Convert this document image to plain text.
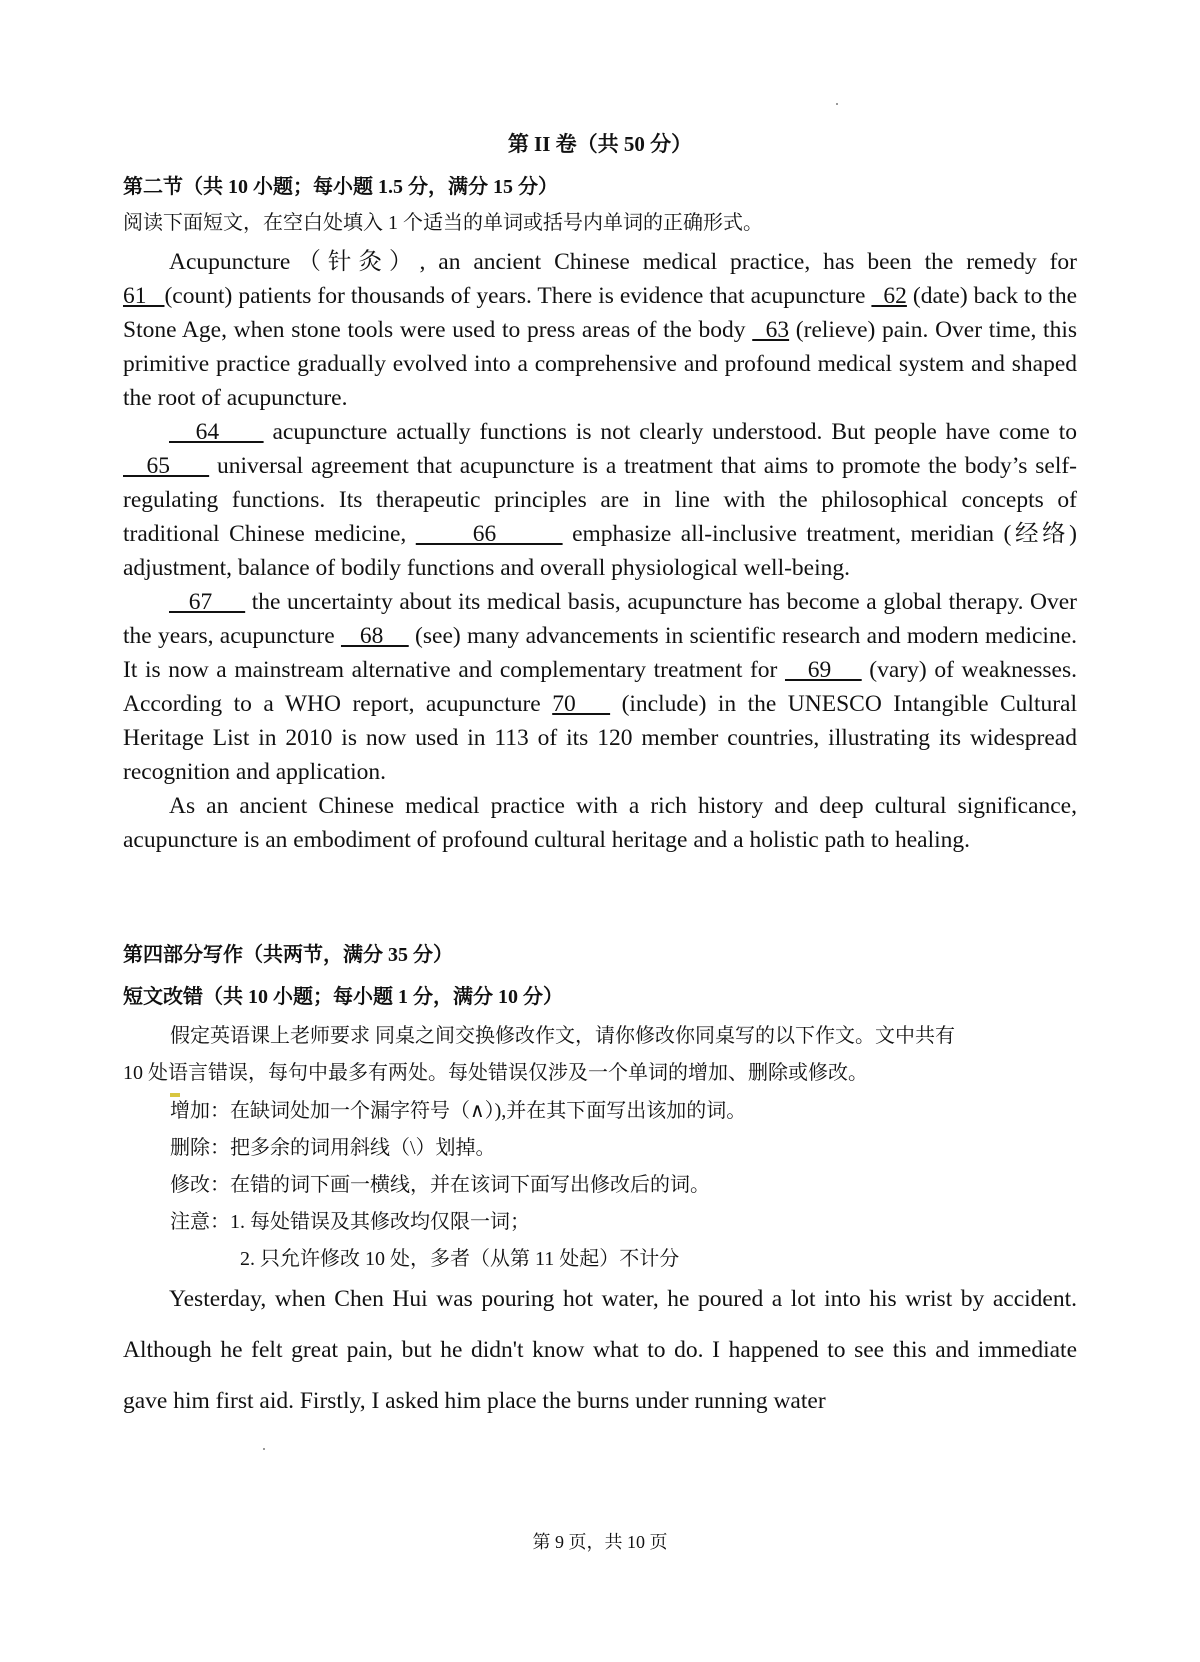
第 II 卷（共 50 分）
第二节（共 10 小题；每小题 1.5 分，满分 15 分）
阅读下面短文，在空白处填入 1 个适当的单词或括号内单词的正确形式。

Acupuncture（针灸）, an ancient Chinese medical practice, has been the remedy for 61   (count) patients for thousands of years. There is evidence that acupuncture   62 (date) back to the Stone Age, when stone tools were used to press areas of the body   63 (relieve) pain. Over time, this primitive practice gradually evolved into a comprehensive and profound medical system and shaped the root of acupuncture.

64      acupuncture actually functions is not clearly understood. But people have come to    65      universal agreement that acupuncture is a treatment that aims to promote the body’s self-regulating functions. Its therapeutic principles are in line with the philosophical concepts of traditional Chinese medicine,       66        emphasize all-inclusive treatment, meridian (经络) adjustment, balance of bodily functions and overall physiological well-being.

67      the uncertainty about its medical basis, acupuncture has become a global therapy. Over the years, acupuncture    68     (see) many advancements in scientific research and modern medicine. It is now a mainstream alternative and complementary treatment for    69     (vary) of weaknesses. According to a WHO report, acupuncture 70    (include) in the UNESCO Intangible Cultural Heritage List in 2010 is now used in 113 of its 120 member countries, illustrating its widespread recognition and application.

As an ancient Chinese medical practice with a rich history and deep cultural significance, acupuncture is an embodiment of profound cultural heritage and a holistic path to healing.

第四部分写作（共两节，满分 35 分）
短文改错（共 10 小题；每小题 1 分，满分 10 分）
假定英语课上老师要求 同桌之间交换修改作文，请你修改你同桌写的以下作文。文中共有
10 处语言错误，每句中最多有两处。每处错误仅涉及一个单词的增加、删除或修改。
增加：在缺词处加一个漏字符号（∧）),并在其下面写出该加的词。
删除：把多余的词用斜线（\）划掉。
修改：在错的词下画一横线，并在该词下面写出修改后的词。
注意：1. 每处错误及其修改均仅限一词；
2. 只允许修改 10 处，多者（从第 11 处起）不计分
Yesterday, when Chen Hui was pouring hot water, he poured a lot into his wrist by accident. Although he felt great pain, but he didn't know what to do. I happened to see this and immediate gave him first aid. Firstly, I asked him place the burns under running water
第 9 页，共 10 页
